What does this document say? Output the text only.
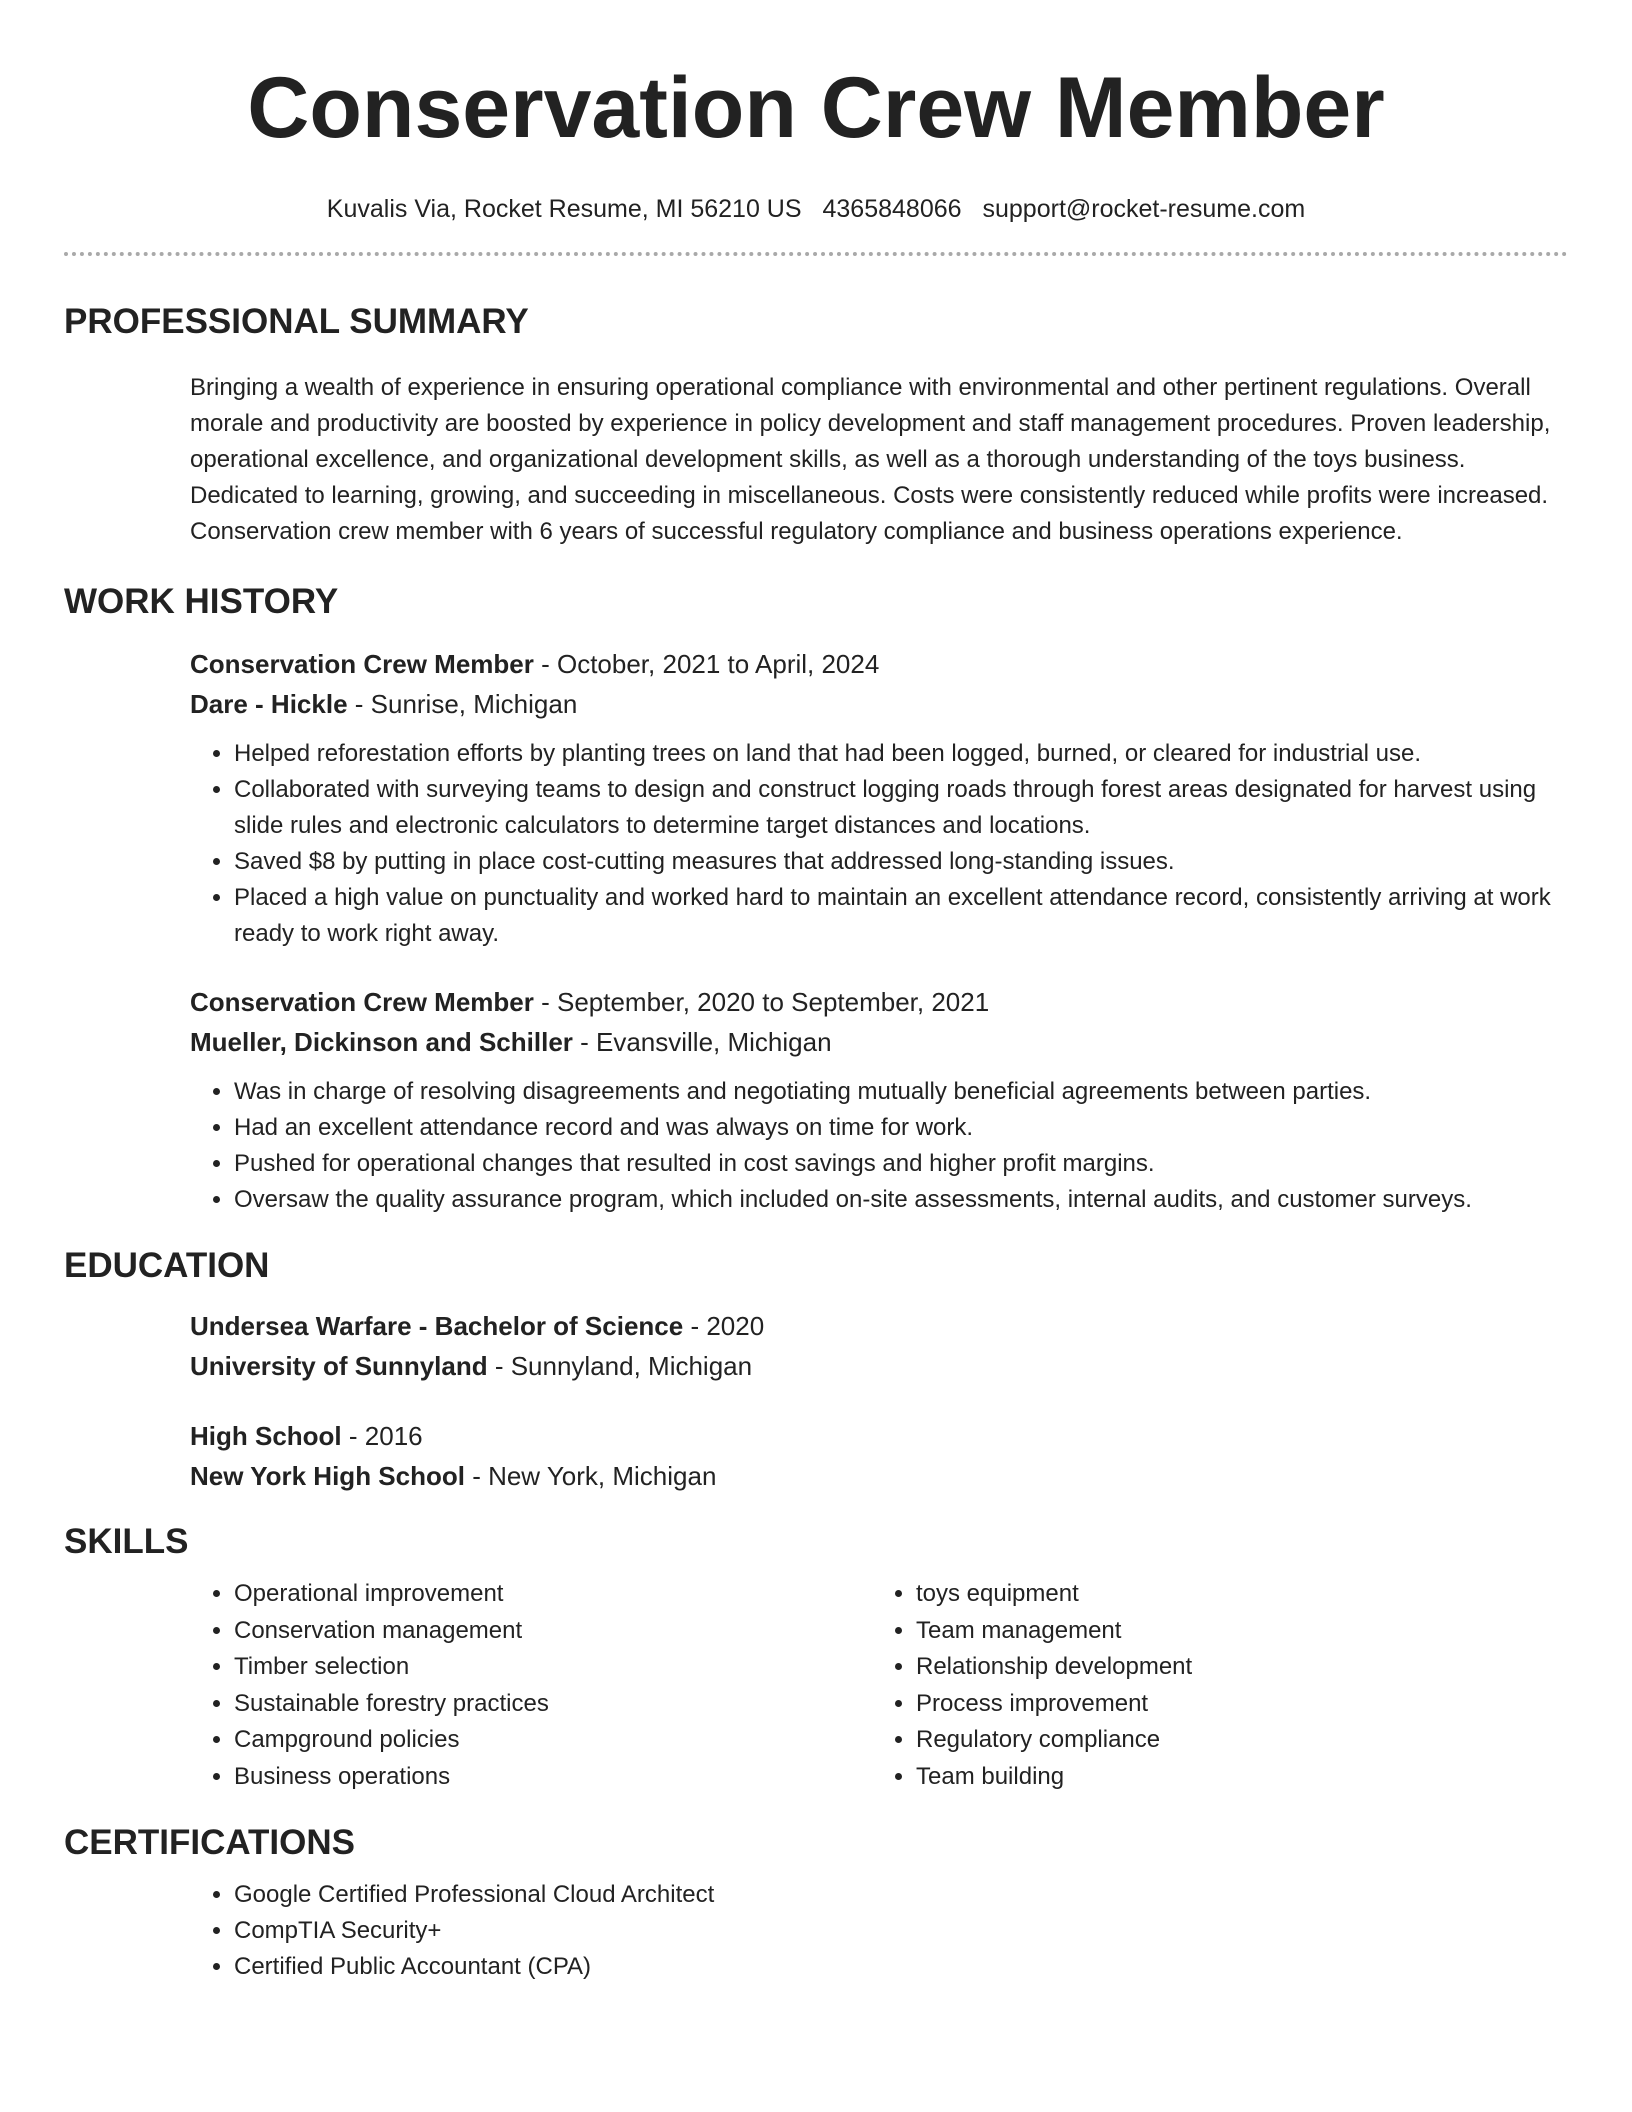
Conservation Crew Member
Kuvalis Via, Rocket Resume, MI 56210 US 4365848066 support@rocket-resume.com
PROFESSIONAL SUMMARY
Bringing a wealth of experience in ensuring operational compliance with environmental and other pertinent regulations. Overall morale and productivity are boosted by experience in policy development and staff management procedures. Proven leadership, operational excellence, and organizational development skills, as well as a thorough understanding of the toys business. Dedicated to learning, growing, and succeeding in miscellaneous. Costs were consistently reduced while profits were increased. Conservation crew member with 6 years of successful regulatory compliance and business operations experience.
WORK HISTORY
Conservation Crew Member - October, 2021 to April, 2024
Dare - Hickle - Sunrise, Michigan
• Helped reforestation efforts by planting trees on land that had been logged, burned, or cleared for industrial use.
• Collaborated with surveying teams to design and construct logging roads through forest areas designated for harvest using slide rules and electronic calculators to determine target distances and locations.
• Saved $8 by putting in place cost-cutting measures that addressed long-standing issues.
• Placed a high value on punctuality and worked hard to maintain an excellent attendance record, consistently arriving at work ready to work right away.
Conservation Crew Member - September, 2020 to September, 2021
Mueller, Dickinson and Schiller - Evansville, Michigan
• Was in charge of resolving disagreements and negotiating mutually beneficial agreements between parties.
• Had an excellent attendance record and was always on time for work.
• Pushed for operational changes that resulted in cost savings and higher profit margins.
• Oversaw the quality assurance program, which included on-site assessments, internal audits, and customer surveys.
EDUCATION
Undersea Warfare - Bachelor of Science - 2020
University of Sunnyland - Sunnyland, Michigan
High School - 2016
New York High School - New York, Michigan
SKILLS
• Operational improvement
• Conservation management
• Timber selection
• Sustainable forestry practices
• Campground policies
• Business operations
• toys equipment
• Team management
• Relationship development
• Process improvement
• Regulatory compliance
• Team building
CERTIFICATIONS
• Google Certified Professional Cloud Architect
• CompTIA Security+
• Certified Public Accountant (CPA)
